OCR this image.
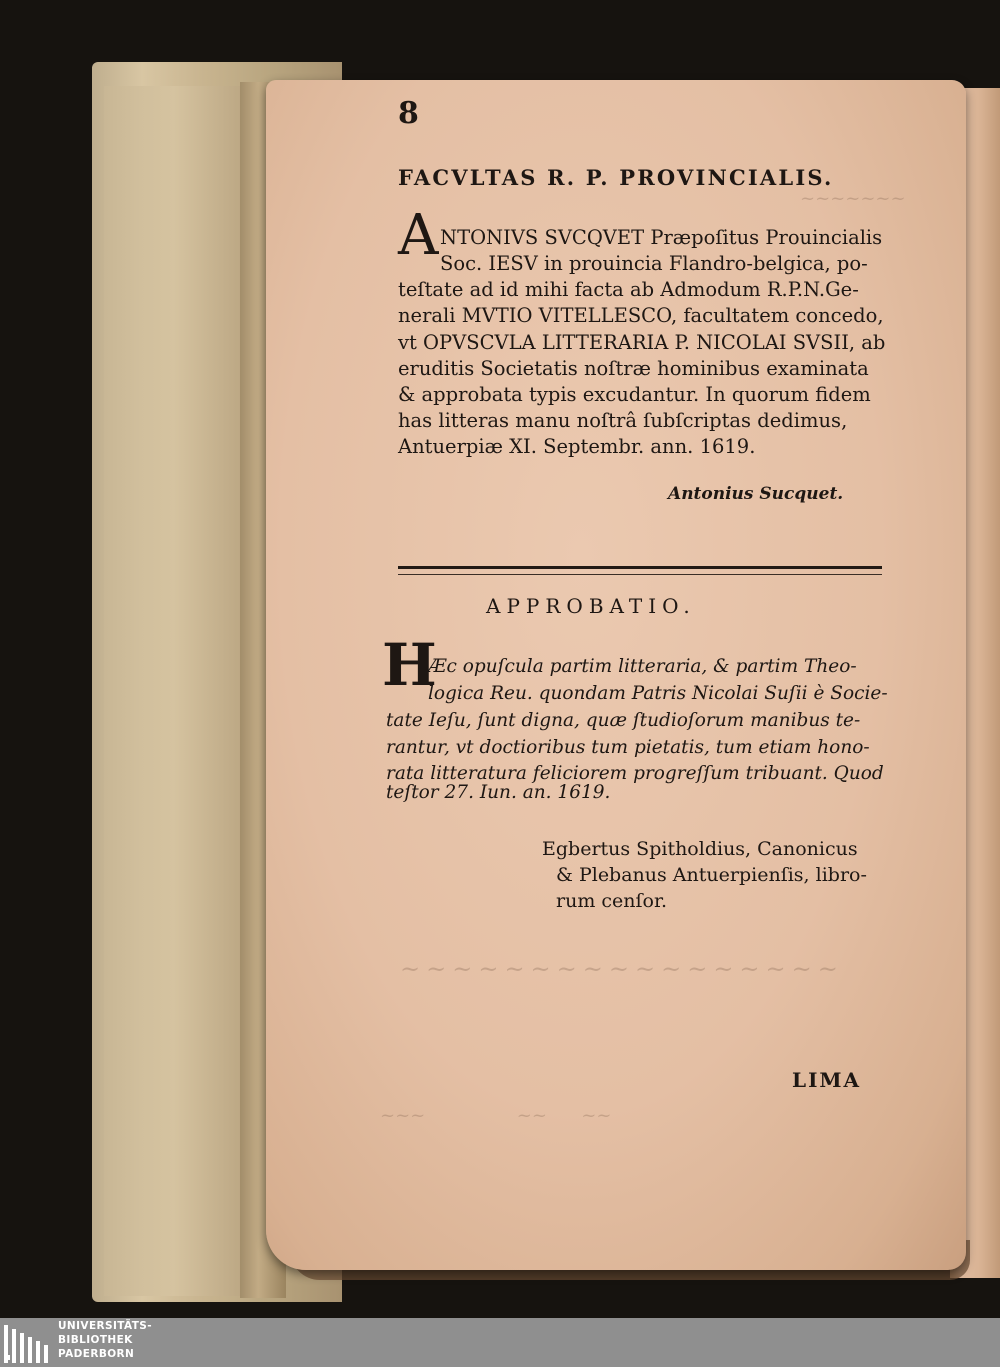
~~~~~~~
~~~~~~~~~~~~~~~~~
~~~                ~~      ~~
8
FACVLTAS R. P. PROVINCIALIS.
A NTONIVS SVCQVET Præpoſitus Prouincialis
Soc. IESV in prouincia Flandro-belgica, po-
teſtate ad id mihi facta ab Admodum R.P.N.Ge-
nerali MVTIO VITELLESCO, facultatem concedo,
vt OPVSCVLA LITTERARIA P. NICOLAI SVSII, ab
eruditis Societatis noſtræ hominibus examinata
& approbata typis excudantur. In quorum fidem
has litteras manu noſtrâ ſubſcriptas dedimus,
Antuerpiæ XI. Septembr. ann. 1619.
Antonius Sucquet.
APPROBATIO.
H
Æc opuſcula partim litteraria, & partim Theo-
logica Reu. quondam Patris Nicolai Suſii è Socie-
tate Ieſu, ſunt digna, quæ ſtudioſorum manibus te-
rantur, vt doctioribus tum pietatis, tum etiam hono-
rata litteratura feliciorem progreſſum tribuant. Quod
teſtor 27. Iun. an. 1619.
Egbertus Spitholdius, Canonicus
& Plebanus Antuerpienſis, libro-
rum cenſor.
LIMA
UNIVERSITÄTS-
BIBLIOTHEK
PADERBORN
